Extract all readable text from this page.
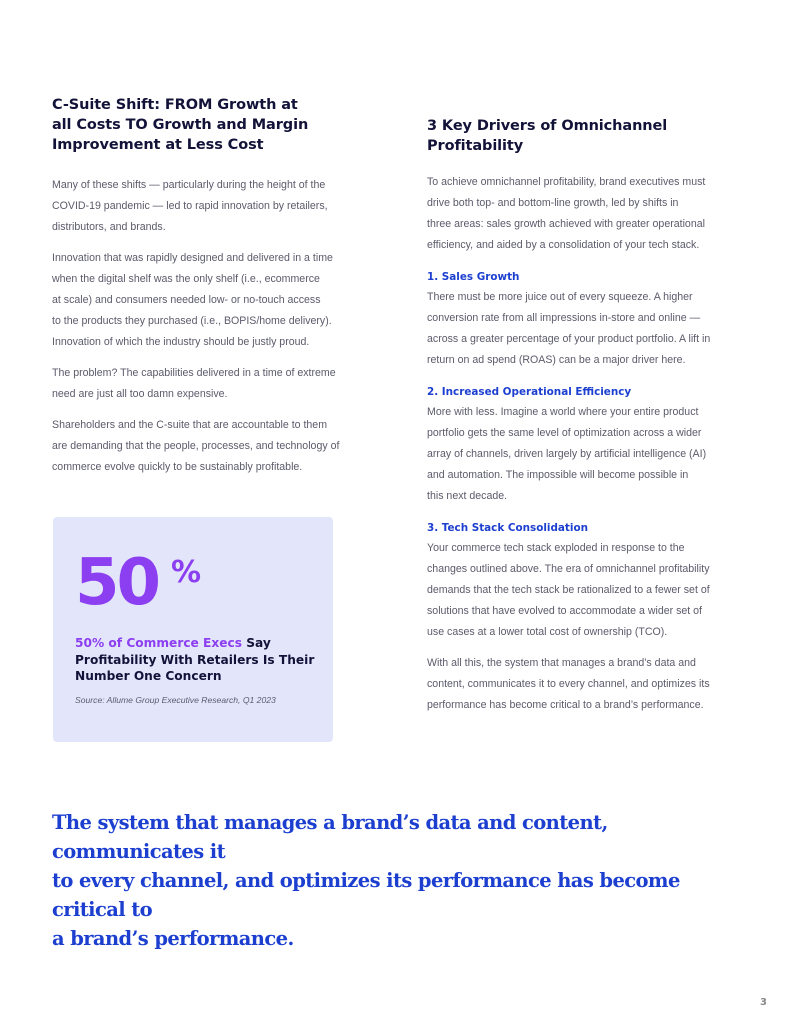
C-Suite Shift: FROM Growth at
all Costs TO Growth and Margin
Improvement at Less Cost

Many of these shifts — particularly during the height of the
COVID-19 pandemic — led to rapid innovation by retailers,
distributors, and brands.

Innovation that was rapidly designed and delivered in a time
when the digital shelf was the only shelf (i.e., ecommerce
at scale) and consumers needed low- or no-touch access
to the products they purchased (i.e., BOPIS/home delivery).
Innovation of which the industry should be justly proud.

The problem? The capabilities delivered in a time of extreme
need are just all too damn expensive.

Shareholders and the C-suite that are accountable to them
are demanding that the people, processes, and technology of
commerce evolve quickly to be sustainably profitable.

50 %
50% of Commerce Execs Say Profitability With Retailers Is Their Number One Concern
Source: Allume Group Executive Research, Q1 2023
3 Key Drivers of Omnichannel
Profitability

To achieve omnichannel profitability, brand executives must
drive both top- and bottom-line growth, led by shifts in
three areas: sales growth achieved with greater operational
efficiency, and aided by a consolidation of your tech stack.

1. Sales Growth

There must be more juice out of every squeeze. A higher
conversion rate from all impressions in-store and online —
across a greater percentage of your product portfolio. A lift in
return on ad spend (ROAS) can be a major driver here.

2. Increased Operational Efficiency

More with less. Imagine a world where your entire product
portfolio gets the same level of optimization across a wider
array of channels, driven largely by artificial intelligence (AI)
and automation. The impossible will become possible in
this next decade.

3. Tech Stack Consolidation

Your commerce tech stack exploded in response to the
changes outlined above. The era of omnichannel profitability
demands that the tech stack be rationalized to a fewer set of
solutions that have evolved to accommodate a wider set of
use cases at a lower total cost of ownership (TCO).

With all this, the system that manages a brand’s data and
content, communicates it to every channel, and optimizes its
performance has become critical to a brand’s performance.

The system that manages a brand’s data and content, communicates it
to every channel, and optimizes its performance has become critical to
a brand’s performance.

3
